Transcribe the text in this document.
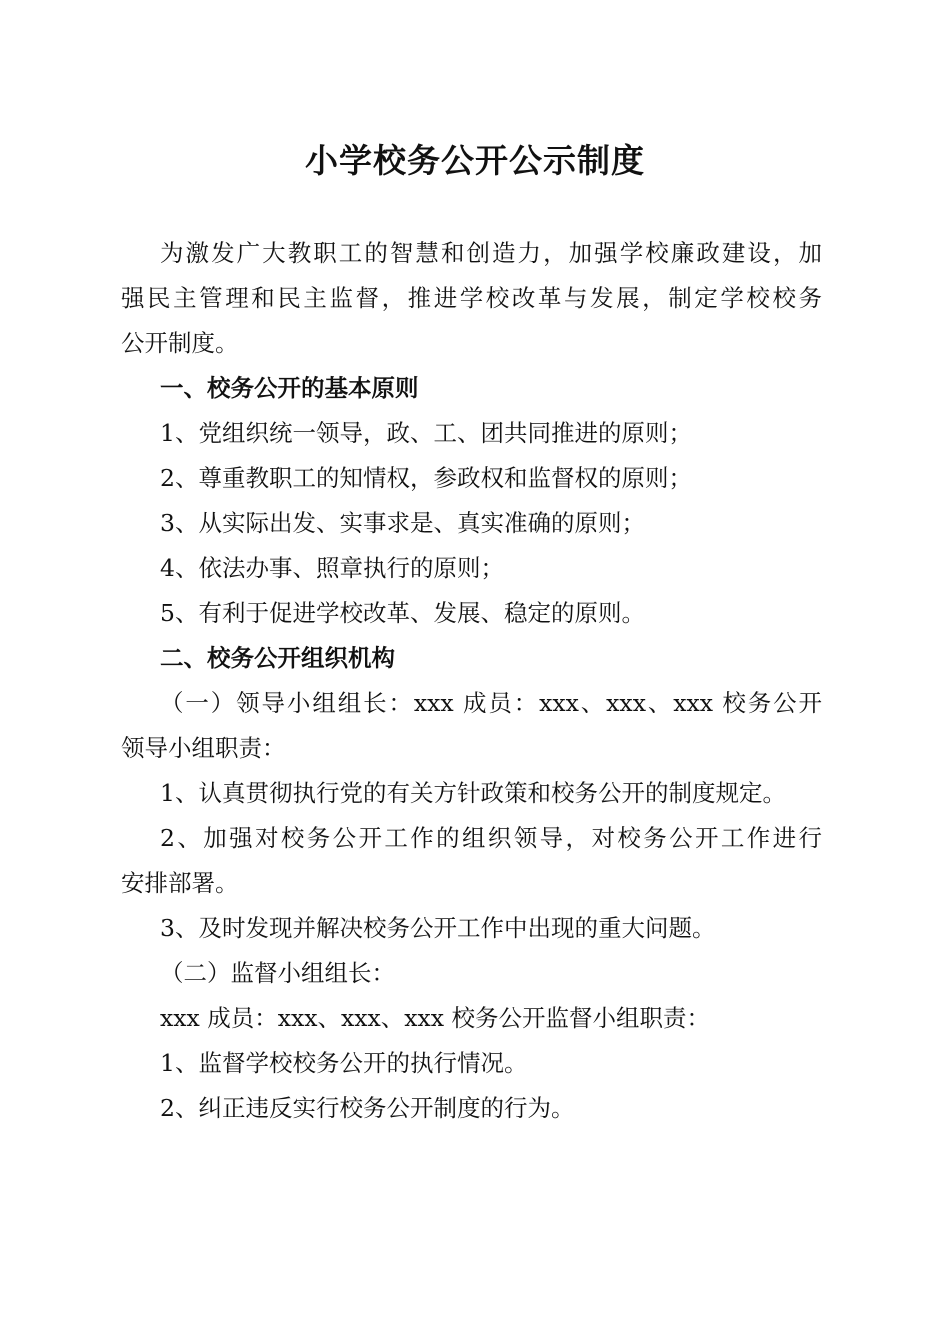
小学校务公开公示制度
为激发广大教职工的智慧和创造力，加强学校廉政建设，加
强民主管理和民主监督，推进学校改革与发展，制定学校校务
公开制度。
一、校务公开的基本原则
1、党组织统一领导，政、工、团共同推进的原则；
2、尊重教职工的知情权，参政权和监督权的原则；
3、从实际出发、实事求是、真实准确的原则；
4、依法办事、照章执行的原则；
5、有利于促进学校改革、发展、稳定的原则。
二、校务公开组织机构
（一）领导小组组长：xxx 成员：xxx、xxx、xxx 校务公开
领导小组职责：
1、认真贯彻执行党的有关方针政策和校务公开的制度规定。
2、加强对校务公开工作的组织领导，对校务公开工作进行
安排部署。
3、及时发现并解决校务公开工作中出现的重大问题。
（二）监督小组组长：
xxx 成员：xxx、xxx、xxx 校务公开监督小组职责：
1、监督学校校务公开的执行情况。
2、纠正违反实行校务公开制度的行为。
